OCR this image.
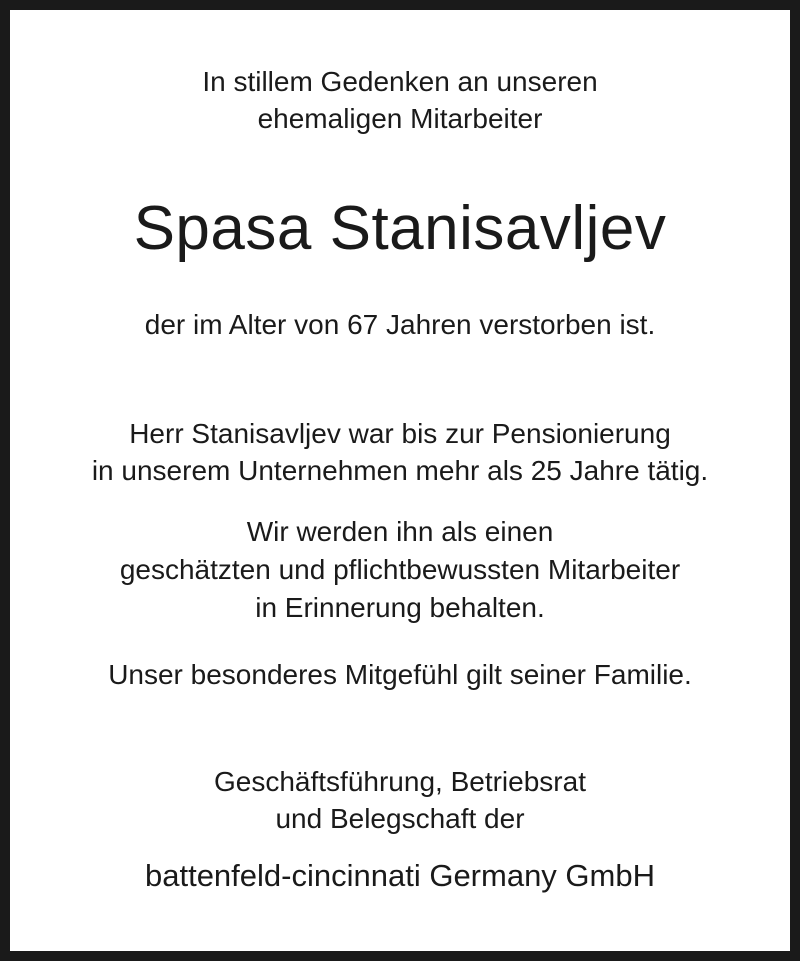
In stillem Gedenken an unseren
ehemaligen Mitarbeiter
Spasa Stanisavljev
der im Alter von 67 Jahren verstorben ist.
Herr Stanisavljev war bis zur Pensionierung
in unserem Unternehmen mehr als 25 Jahre tätig.
Wir werden ihn als einen
geschätzten und pflichtbewussten Mitarbeiter
in Erinnerung behalten.
Unser besonderes Mitgefühl gilt seiner Familie.
Geschäftsführung, Betriebsrat
und Belegschaft der
battenfeld-cincinnati Germany GmbH
